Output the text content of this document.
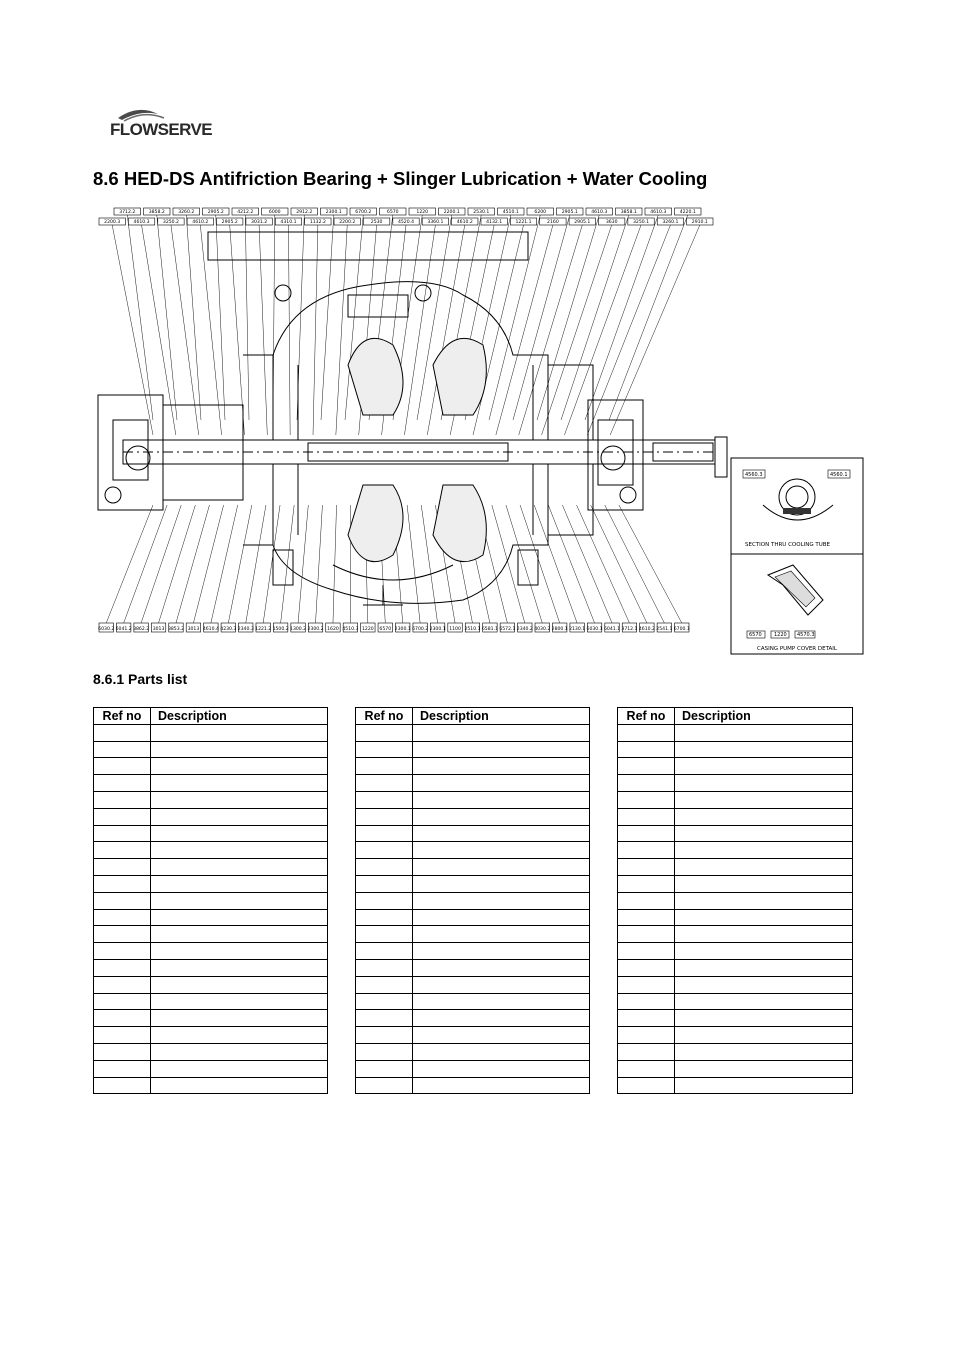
FLOWSERVE
8.6 HED-DS Antifriction Bearing + Slinger Lubrication + Water Cooling
3712.2	3858.2	3260.2	2905.2	4212.2	6000	2912.2	2300.1	6700.2	6570	1220	2200.1	2530.1	4510.1	6200	2905.1	4610.3	3858.1	4610.3	4220.1
2200.3	4610.3	3250.2	4610.2	2905.2	3031.2	4310.1	1132.2	2200.2	2530	4520.4	3360.1	4610.2	4132.1	1221.1	2160	2905.1	3630	3250.1	3260.1	2910.1
6030.2 6041.2 3862.2 3013 3853.2 3013 4610.4 4230.3 2340.3 1221.2 1500.2 1300.2 2300.2 1620 4510.3 1220 6570 2300.1 6700.2 2300.1 1100 2510.1 6581.1 6572.1 2340.2 4030.2 2800.1 2130.1 6030.1 6041.1 3712.1 4610.2 2541.1 6700.1
4560.3	4560.1
SECTION THRU COOLING TUBE
6570 1220 4570.3
CASING PUMP COVER DETAIL
8.6.1 Parts list
Ref no	Description

		Ref no	Description

		Ref no	Description
